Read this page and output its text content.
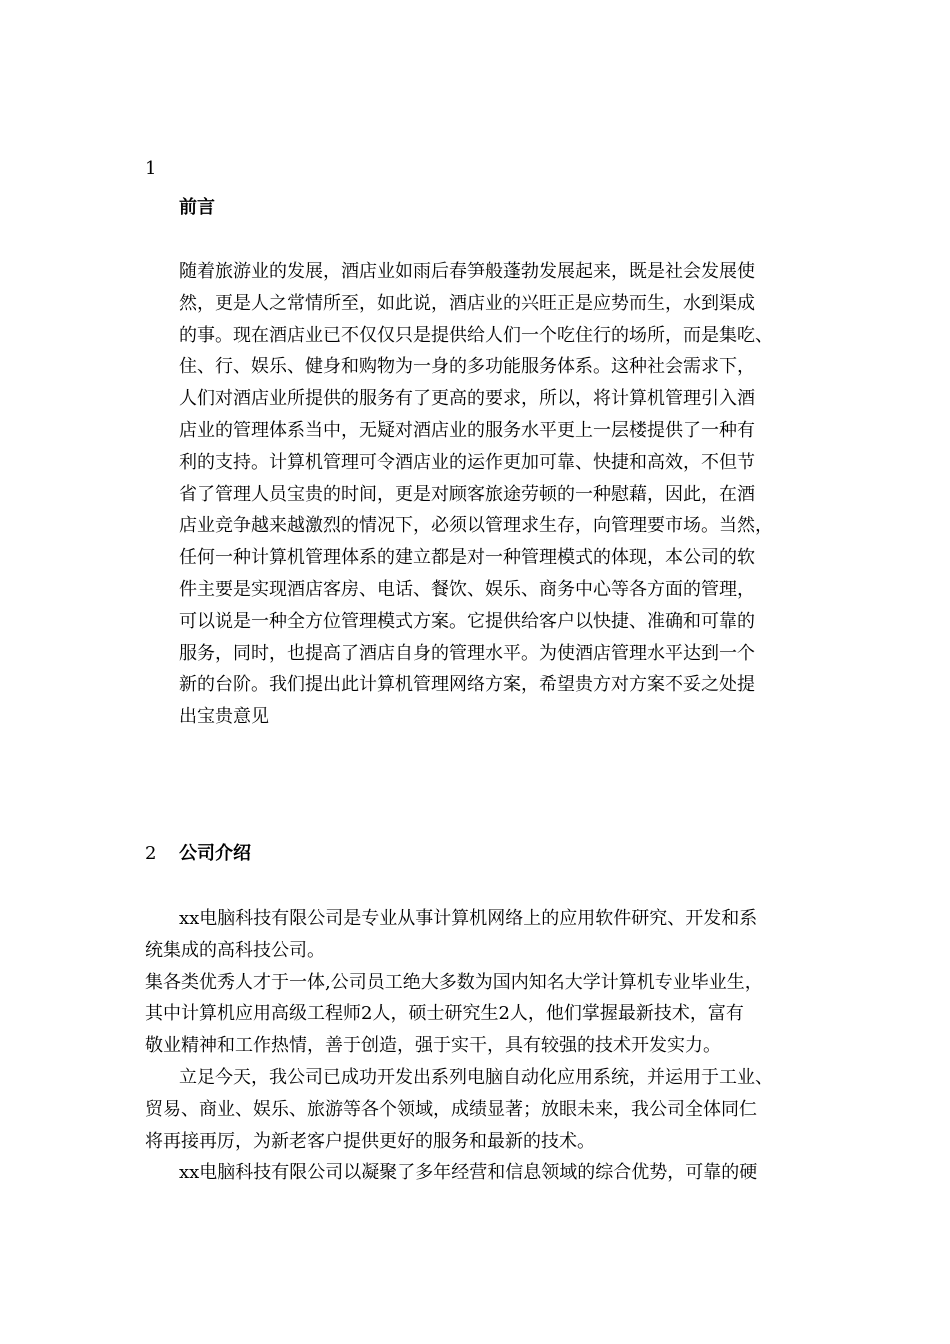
1
前言
随着旅游业的发展，酒店业如雨后春笋般蓬勃发展起来，既是社会发展使
然，更是人之常情所至，如此说，酒店业的兴旺正是应势而生，水到渠成
的事。现在酒店业已不仅仅只是提供给人们一个吃住行的场所，而是集吃、
住、行、娱乐、健身和购物为一身的多功能服务体系。这种社会需求下，
人们对酒店业所提供的服务有了更高的要求，所以，将计算机管理引入酒
店业的管理体系当中，无疑对酒店业的服务水平更上一层楼提供了一种有
利的支持。计算机管理可令酒店业的运作更加可靠、快捷和高效，不但节
省了管理人员宝贵的时间，更是对顾客旅途劳顿的一种慰藉，因此，在酒
店业竞争越来越激烈的情况下，必须以管理求生存，向管理要市场。当然，
任何一种计算机管理体系的建立都是对一种管理模式的体现，本公司的软
件主要是实现酒店客房、电话、餐饮、娱乐、商务中心等各方面的管理，
可以说是一种全方位管理模式方案。它提供给客户以快捷、准确和可靠的
服务，同时，也提高了酒店自身的管理水平。为使酒店管理水平达到一个
新的台阶。我们提出此计算机管理网络方案，希望贵方对方案不妥之处提
出宝贵意见
2 公司介绍
xx电脑科技有限公司是专业从事计算机网络上的应用软件研究、开发和系
统集成的高科技公司。
集各类优秀人才于一体,公司员工绝大多数为国内知名大学计算机专业毕业生，
其中计算机应用高级工程师2人，硕士研究生2人，他们掌握最新技术，富有
敬业精神和工作热情，善于创造，强于实干，具有较强的技术开发实力。
立足今天，我公司已成功开发出系列电脑自动化应用系统，并运用于工业、
贸易、商业、娱乐、旅游等各个领域，成绩显著；放眼未来，我公司全体同仁
将再接再厉，为新老客户提供更好的服务和最新的技术。
xx电脑科技有限公司以凝聚了多年经营和信息领域的综合优势，可靠的硬
